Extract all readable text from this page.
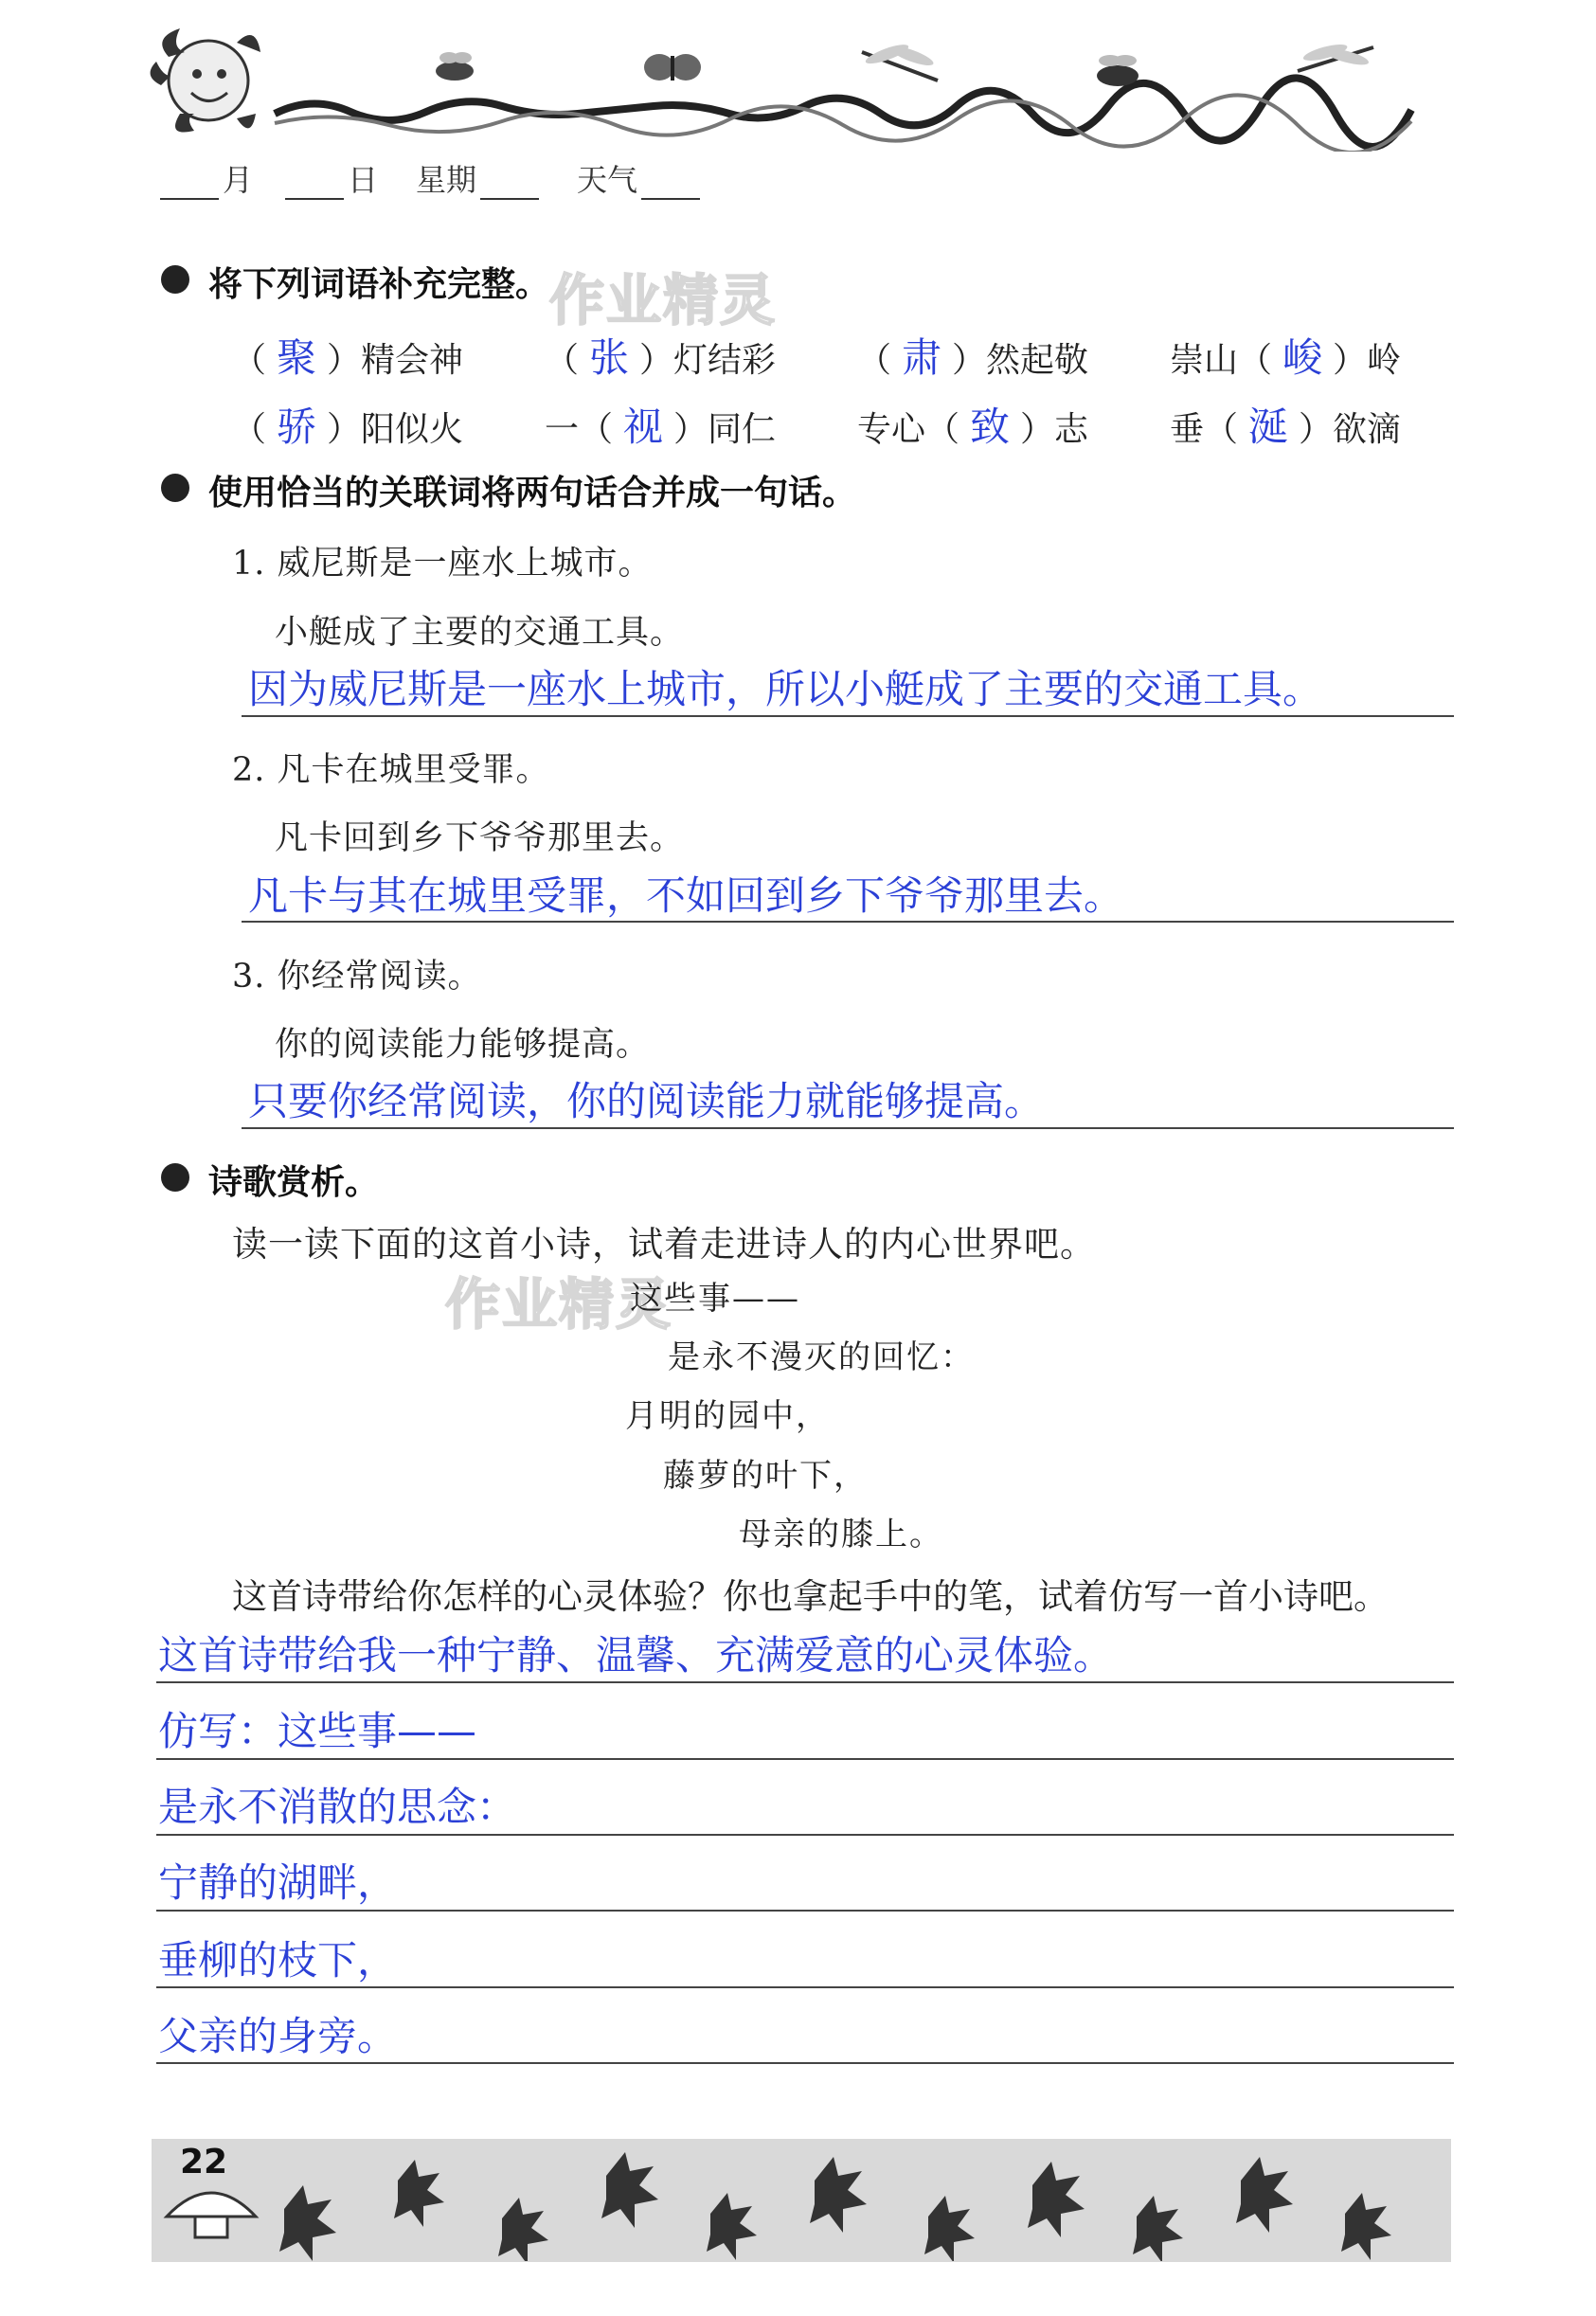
月	日 星期	天气
将下列词语补充完整。 作业精灵
（ 聚 ）精会神 （ 张 ）灯结彩 （ 肃 ）然起敬 崇山（ 峻 ）岭
（ 骄 ）阳似火 一（ 视 ）同仁 专心（ 致 ）志 垂（ 涎 ）欲滴
使用恰当的关联词将两句话合并成一句话。
1. 威尼斯是一座水上城市。
小艇成了主要的交通工具。
因为威尼斯是一座水上城市，所以小艇成了主要的交通工具。
2. 凡卡在城里受罪。
凡卡回到乡下爷爷那里去。
凡卡与其在城里受罪，不如回到乡下爷爷那里去。
3. 你经常阅读。
你的阅读能力能够提高。
只要你经常阅读，你的阅读能力就能够提高。
诗歌赏析。
读一读下面的这首小诗，试着走进诗人的内心世界吧。
作业精灵
这些事——
是永不漫灭的回忆：
月明的园中，
藤萝的叶下，
母亲的膝上。
这首诗带给你怎样的心灵体验？你也拿起手中的笔，试着仿写一首小诗吧。
这首诗带给我一种宁静、温馨、充满爱意的心灵体验。
仿写：这些事——
是永不消散的思念：
宁静的湖畔，
垂柳的枝下，
父亲的身旁。
22
